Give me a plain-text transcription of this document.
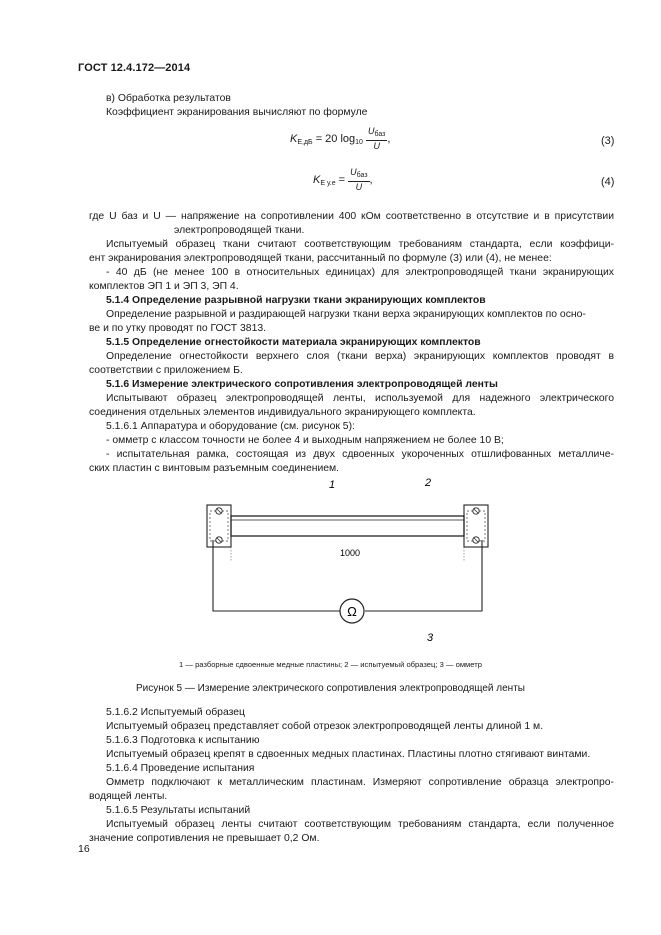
ГОСТ 12.4.172—2014
в) Обработка результатов
Коэффициент экранирования вычисляют по формуле
$K_{Е,дБ} = 20$ $\log_{10} \frac{U_{баз}}{U}$ ,	(3)
$K_{Е у.е} = \frac{U_{баз}}{U}$ ,	(4)
где U баз и U — напряжение на сопротивлении 400 кОм соответственно в отсутствие и в присутствии
электропроводящей ткани.
Испытуемый образец ткани считают соответствующим требованиям стандарта, если коэффици-
ент экранирования электропроводящей ткани, рассчитанный по формуле (3) или (4), не менее:
- 40 дБ (не менее 100 в относительных единицах) для электропроводящей ткани экранирующих
комплектов ЭП 1 и ЭП 3, ЭП 4.
5.1.4 Определение разрывной нагрузки ткани экранирующих комплектов
Определение разрывной и раздирающей нагрузки ткани верха экранирующих комплектов по осно-
ве и по утку проводят по ГОСТ 3813.
5.1.5 Определение огнестойкости материала экранирующих комплектов
Определение огнестойкости верхнего слоя (ткани верха) экранирующих комплектов проводят в
соответствии с приложением Б.
5.1.6 Измерение электрического сопротивления электропроводящей ленты
Испытывают образец электропроводящей ленты, используемой для надежного электрического
соединения отдельных элементов индивидуального экранирующего комплекта.
5.1.6.1 Аппаратура и оборудование (см. рисунок 5):
- омметр с классом точности не более 4 и выходным напряжением не более 10 В;
- испытательная рамка, состоящая из двух сдвоенных укороченных отшлифованных металличе-
ских пластин с винтовым разъемным соединением.
Ω
1	2
3
1000
1 — разборные сдвоенные медные пластины; 2 — испытуемый образец; 3 — омметр
Рисунок 5 — Измерение электрического сопротивления электропроводящей ленты
5.1.6.2 Испытуемый образец
Испытуемый образец представляет собой отрезок электропроводящей ленты длиной 1 м.
5.1.6.3 Подготовка к испытанию
Испытуемый образец крепят в сдвоенных медных пластинах. Пластины плотно стягивают винтами.
5.1.6.4 Проведение испытания
Омметр подключают к металлическим пластинам. Измеряют сопротивление образца электропро-
водящей ленты.
5.1.6.5 Результаты испытаний
Испытуемый образец ленты считают соответствующим требованиям стандарта, если полученное
значение сопротивления не превышает 0,2 Ом.
16
